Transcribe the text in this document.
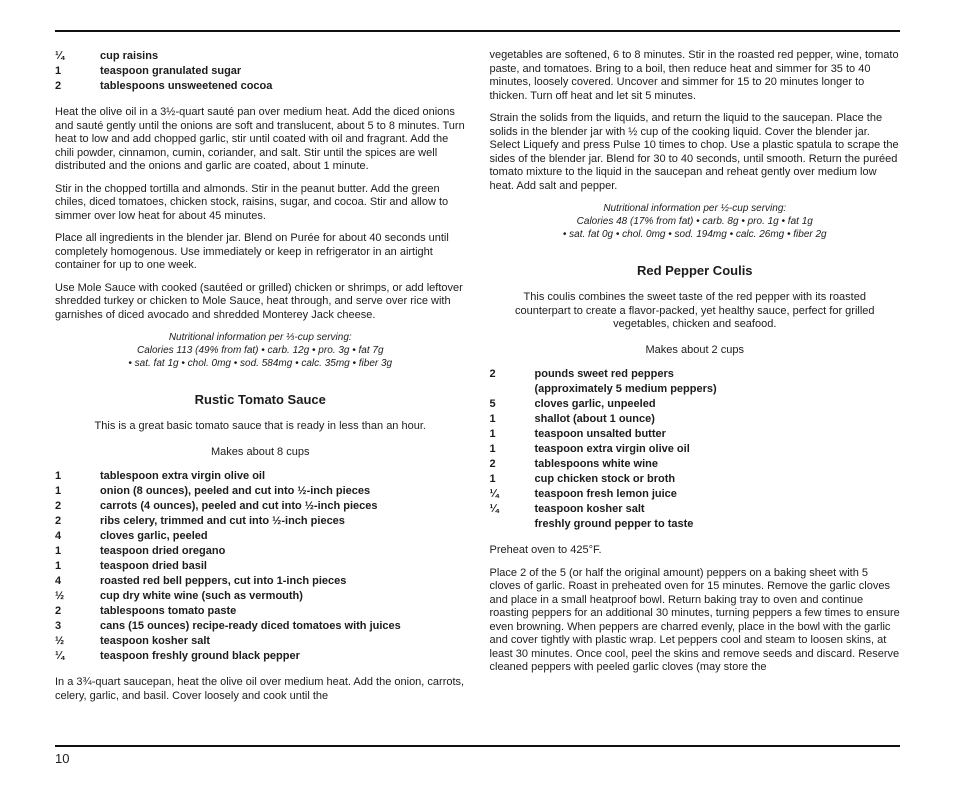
¼	cup raisins
1	teaspoon granulated sugar
2	tablespoons unsweetened cocoa

Heat the olive oil in a 3½-quart sauté pan over medium heat. Add the diced onions and sauté gently until the onions are soft and translucent, about 5 to 8 minutes. Turn heat to low and add chopped garlic, stir until coated with oil and fragrant. Add the chili powder, cinnamon, cumin, coriander, and salt. Stir until the spices are well distributed and the onions and garlic are coated, about 1 minute.

Stir in the chopped tortilla and almonds. Stir in the peanut butter. Add the green chiles, diced tomatoes, chicken stock, raisins, sugar, and cocoa. Stir and allow to simmer over low heat for about 45 minutes.

Place all ingredients in the blender jar. Blend on Purée for about 40 seconds until completely homogenous. Use immediately or keep in refrigerator in an airtight container for up to one week.

Use Mole Sauce with cooked (sautéed or grilled) chicken or shrimps, or add leftover shredded turkey or chicken to Mole Sauce, heat through, and serve over rice with garnishes of diced avocado and shredded Monterey Jack cheese.

Nutritional information per ⅓-cup serving:
Calories 113 (49% from fat) • carb. 12g • pro. 3g • fat 7g
• sat. fat 1g • chol. 0mg • sod. 584mg • calc. 35mg • fiber 3g
Rustic Tomato Sauce
This is a great basic tomato sauce that is ready in less than an hour.
Makes about 8 cups
1	tablespoon extra virgin olive oil
1	onion (8 ounces), peeled and cut into ½-inch pieces
2	carrots (4 ounces), peeled and cut into ½-inch pieces
2	ribs celery, trimmed and cut into ½-inch pieces
4	cloves garlic, peeled
1	teaspoon dried oregano
1	teaspoon dried basil
4	roasted red bell peppers, cut into 1-inch pieces
½	cup dry white wine (such as vermouth)
2	tablespoons tomato paste
3	cans (15 ounces) recipe-ready diced tomatoes with juices
½	teaspoon kosher salt
¼	teaspoon freshly ground black pepper

In a 3¾-quart saucepan, heat the olive oil over medium heat. Add the onion, carrots, celery, garlic, and basil. Cover loosely and cook until the

vegetables are softened, 6 to 8 minutes. Stir in the roasted red pepper, wine, tomato paste, and tomatoes. Bring to a boil, then reduce heat and simmer for 35 to 40 minutes, loosely covered. Uncover and simmer for 15 to 20 minutes longer to thicken. Turn off heat and let sit 5 minutes.

Strain the solids from the liquids, and return the liquid to the saucepan. Place the solids in the blender jar with ½ cup of the cooking liquid. Cover the blender jar. Select Liquefy and press Pulse 10 times to chop. Use a plastic spatula to scrape the sides of the blender jar. Blend for 30 to 40 seconds, until smooth. Return the puréed tomato mixture to the liquid in the saucepan and reheat gently over medium low heat. Add salt and pepper.

Nutritional information per ½-cup serving:
Calories 48 (17% from fat) • carb. 8g • pro. 1g • fat 1g
• sat. fat 0g • chol. 0mg • sod. 194mg • calc. 26mg • fiber 2g
Red Pepper Coulis
This coulis combines the sweet taste of the red pepper with its roasted counterpart to create a flavor-packed, yet healthy sauce, perfect for grilled vegetables, chicken and seafood.
Makes about 2 cups
2	pounds sweet red peppers
(approximately 5 medium peppers)
5	cloves garlic, unpeeled
1	shallot (about 1 ounce)
1	teaspoon unsalted butter
1	teaspoon extra virgin olive oil
2	tablespoons white wine
1	cup chicken stock or broth
¼	teaspoon fresh lemon juice
¼	teaspoon kosher salt
freshly ground pepper to taste

Preheat oven to 425°F.

Place 2 of the 5 (or half the original amount) peppers on a baking sheet with 5 cloves of garlic. Roast in preheated oven for 15 minutes. Remove the garlic cloves and place in a small heatproof bowl. Return baking tray to oven and continue roasting peppers for an additional 30 minutes, turning peppers a few times to ensure even browning. When peppers are charred evenly, place in the bowl with the garlic and cover tightly with plastic wrap. Let peppers cool and steam to loosen skins, at least 30 minutes. Once cool, peel the skins and remove seeds and discard. Reserve cleaned peppers with peeled garlic cloves (may store the

10
